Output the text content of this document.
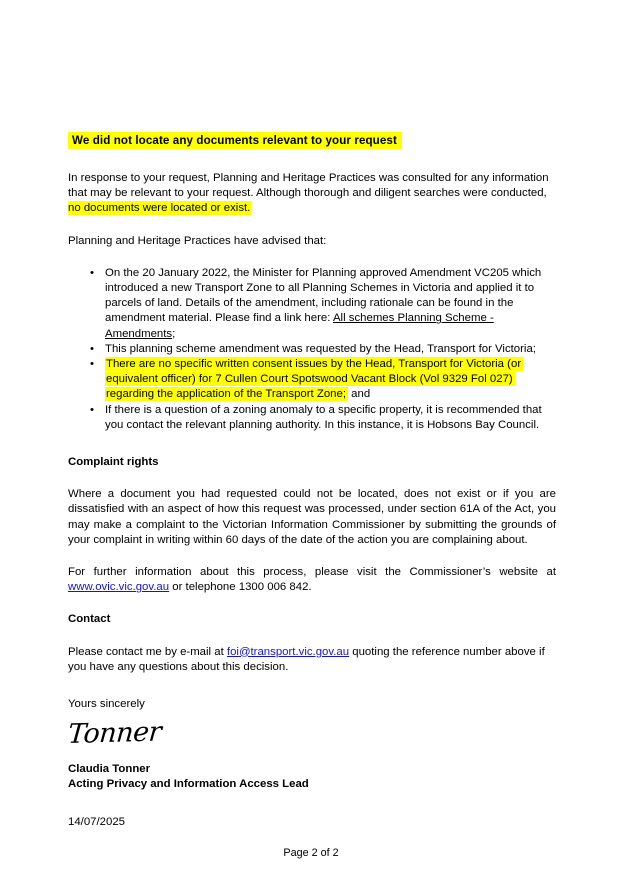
We did not locate any documents relevant to your request

In response to your request, Planning and Heritage Practices was consulted for any information that may be relevant to your request. Although thorough and diligent searches were conducted, no documents were located or exist.

Planning and Heritage Practices have advised that:

• On the 20 January 2022, the Minister for Planning approved Amendment VC205 which introduced a new Transport Zone to all Planning Schemes in Victoria and applied it to parcels of land. Details of the amendment, including rationale can be found in the amendment material. Please find a link here: All schemes Planning Scheme - Amendments;
• This planning scheme amendment was requested by the Head, Transport for Victoria;
• There are no specific written consent issues by the Head, Transport for Victoria (or equivalent officer) for 7 Cullen Court Spotswood Vacant Block (Vol 9329 Fol 027) regarding the application of the Transport Zone; and
• If there is a question of a zoning anomaly to a specific property, it is recommended that you contact the relevant planning authority. In this instance, it is Hobsons Bay Council.

Complaint rights

Where a document you had requested could not be located, does not exist or if you are dissatisfied with an aspect of how this request was processed, under section 61A of the Act, you may make a complaint to the Victorian Information Commissioner by submitting the grounds of your complaint in writing within 60 days of the date of the action you are complaining about.

For further information about this process, please visit the Commissioner’s website at www.ovic.vic.gov.au or telephone 1300 006 842.

Contact

Please contact me by e-mail at foi@transport.vic.gov.au quoting the reference number above if you have any questions about this decision.

Yours sincerely

Tonner

Claudia Tonner

Acting Privacy and Information Access Lead

14/07/2025

Page 2 of 2
